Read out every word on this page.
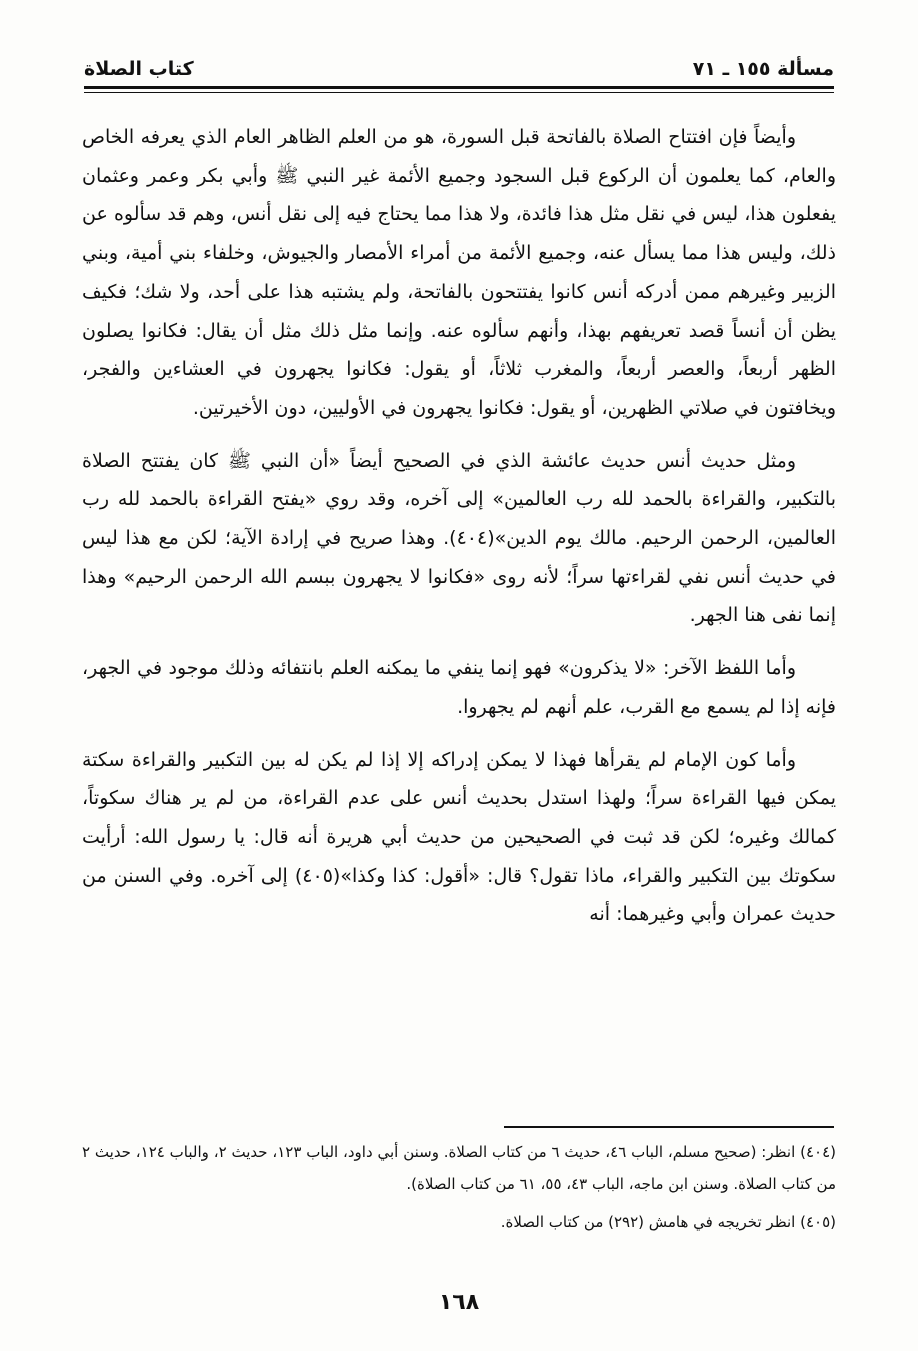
مسألة ١٥٥ ـ ٧١
كتاب الصلاة

وأيضاً فإن افتتاح الصلاة بالفاتحة قبل السورة، هو من العلم الظاهر العام الذي يعرفه الخاص والعام، كما يعلمون أن الركوع قبل السجود وجميع الأئمة غير النبي ﷺ وأبي بكر وعمر وعثمان يفعلون هذا، ليس في نقل مثل هذا فائدة، ولا هذا مما يحتاج فيه إلى نقل أنس، وهم قد سألوه عن ذلك، وليس هذا مما يسأل عنه، وجميع الأئمة من أمراء الأمصار والجيوش، وخلفاء بني أمية، وبني الزبير وغيرهم ممن أدركه أنس كانوا يفتتحون بالفاتحة، ولم يشتبه هذا على أحد، ولا شك؛ فكيف يظن أن أنساً قصد تعريفهم بهذا، وأنهم سألوه عنه. وإنما مثل ذلك مثل أن يقال: فكانوا يصلون الظهر أربعاً، والعصر أربعاً، والمغرب ثلاثاً، أو يقول: فكانوا يجهرون في العشاءين والفجر، ويخافتون في صلاتي الظهرين، أو يقول: فكانوا يجهرون في الأوليين، دون الأخيرتين.

ومثل حديث أنس حديث عائشة الذي في الصحيح أيضاً «أن النبي ﷺ كان يفتتح الصلاة بالتكبير، والقراءة بالحمد لله رب العالمين» إلى آخره، وقد روي «يفتح القراءة بالحمد لله رب العالمين، الرحمن الرحيم. مالك يوم الدين»(٤٠٤). وهذا صريح في إرادة الآية؛ لكن مع هذا ليس في حديث أنس نفي لقراءتها سراً؛ لأنه روى «فكانوا لا يجهرون ببسم الله الرحمن الرحيم» وهذا إنما نفى هنا الجهر.

وأما اللفظ الآخر: «لا يذكرون» فهو إنما ينفي ما يمكنه العلم بانتفائه وذلك موجود في الجهر، فإنه إذا لم يسمع مع القرب، علم أنهم لم يجهروا.

وأما كون الإمام لم يقرأها فهذا لا يمكن إدراكه إلا إذا لم يكن له بين التكبير والقراءة سكتة يمكن فيها القراءة سراً؛ ولهذا استدل بحديث أنس على عدم القراءة، من لم ير هناك سكوتاً، كمالك وغيره؛ لكن قد ثبت في الصحيحين من حديث أبي هريرة أنه قال: يا رسول الله: أرأيت سكوتك بين التكبير والقراء، ماذا تقول؟ قال: «أقول: كذا وكذا»(٤٠٥) إلى آخره. وفي السنن من حديث عمران وأبي وغيرهما: أنه

(٤٠٤) انظر: (صحيح مسلم، الباب ٤٦، حديث ٦ من كتاب الصلاة. وسنن أبي داود، الباب ١٢٣، حديث ٢، والباب ١٢٤، حديث ٢ من كتاب الصلاة. وسنن ابن ماجه، الباب ٤٣، ٥٥، ٦١ من كتاب الصلاة).

(٤٠٥) انظر تخريجه في هامش (٢٩٢) من كتاب الصلاة.

١٦٨
